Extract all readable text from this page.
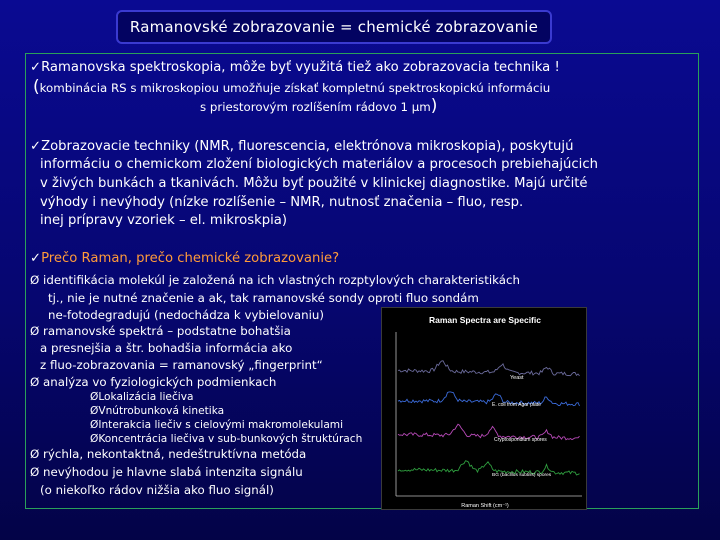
Ramanovské zobrazovanie = chemické zobrazovanie
✓Ramanovska spektroskopia, môže byť využitá tiež ako zobrazovacia technika !
(kombinácia RS s mikroskopiou umožňuje získať kompletnú spektroskopickú informáciu
s priestorovým rozlíšením rádovo 1 μm)
✓Zobrazovacie techniky (NMR, fluorescencia, elektrónova mikroskopia), poskytujú
informáciu o chemickom zložení biologických materiálov a procesoch prebiehajúcich
v živých bunkách a tkanivách. Môžu byť použité v klinickej diagnostike. Majú určité
výhody i nevýhody (nízke rozlíšenie – NMR, nutnosť značenia – fluo, resp.
inej prípravy vzoriek – el. mikroskpia)
✓Prečo Raman, prečo chemické zobrazovanie?
Ø identifikácia molekúl je založená na ich vlastných rozptylových charakteristikách
tj., nie je nutné značenie a ak, tak ramanovské sondy oproti fluo sondám
ne-fotodegradujú (nedochádza k vybielovaniu)
Ø ramanovské spektrá – podstatne bohatšia
a presnejšia a štr. bohadšia informácia ako
z fluo-zobrazovania = ramanovský „fingerprint“
Ø analýza vo fyziologických podmienkach
ØLokalizácia liečiva
ØVnútrobunková kinetika
ØInterakcia liečiv s cielovými makromolekulami
ØKoncentrácia liečiva v sub-bunkových štruktúrach
Ø rýchla, nekontaktná, nedeštruktívna metóda
Ø nevýhodou je hlavne slabá intenzita signálu
(o niekoľko rádov nižšia ako fluo signál)
Raman Spectra are Specific
Yeast
E. coli from Agar plate
Cryptosporidium spores
BG (bacillus subtilis) spores
Raman Shift (cm⁻¹)
